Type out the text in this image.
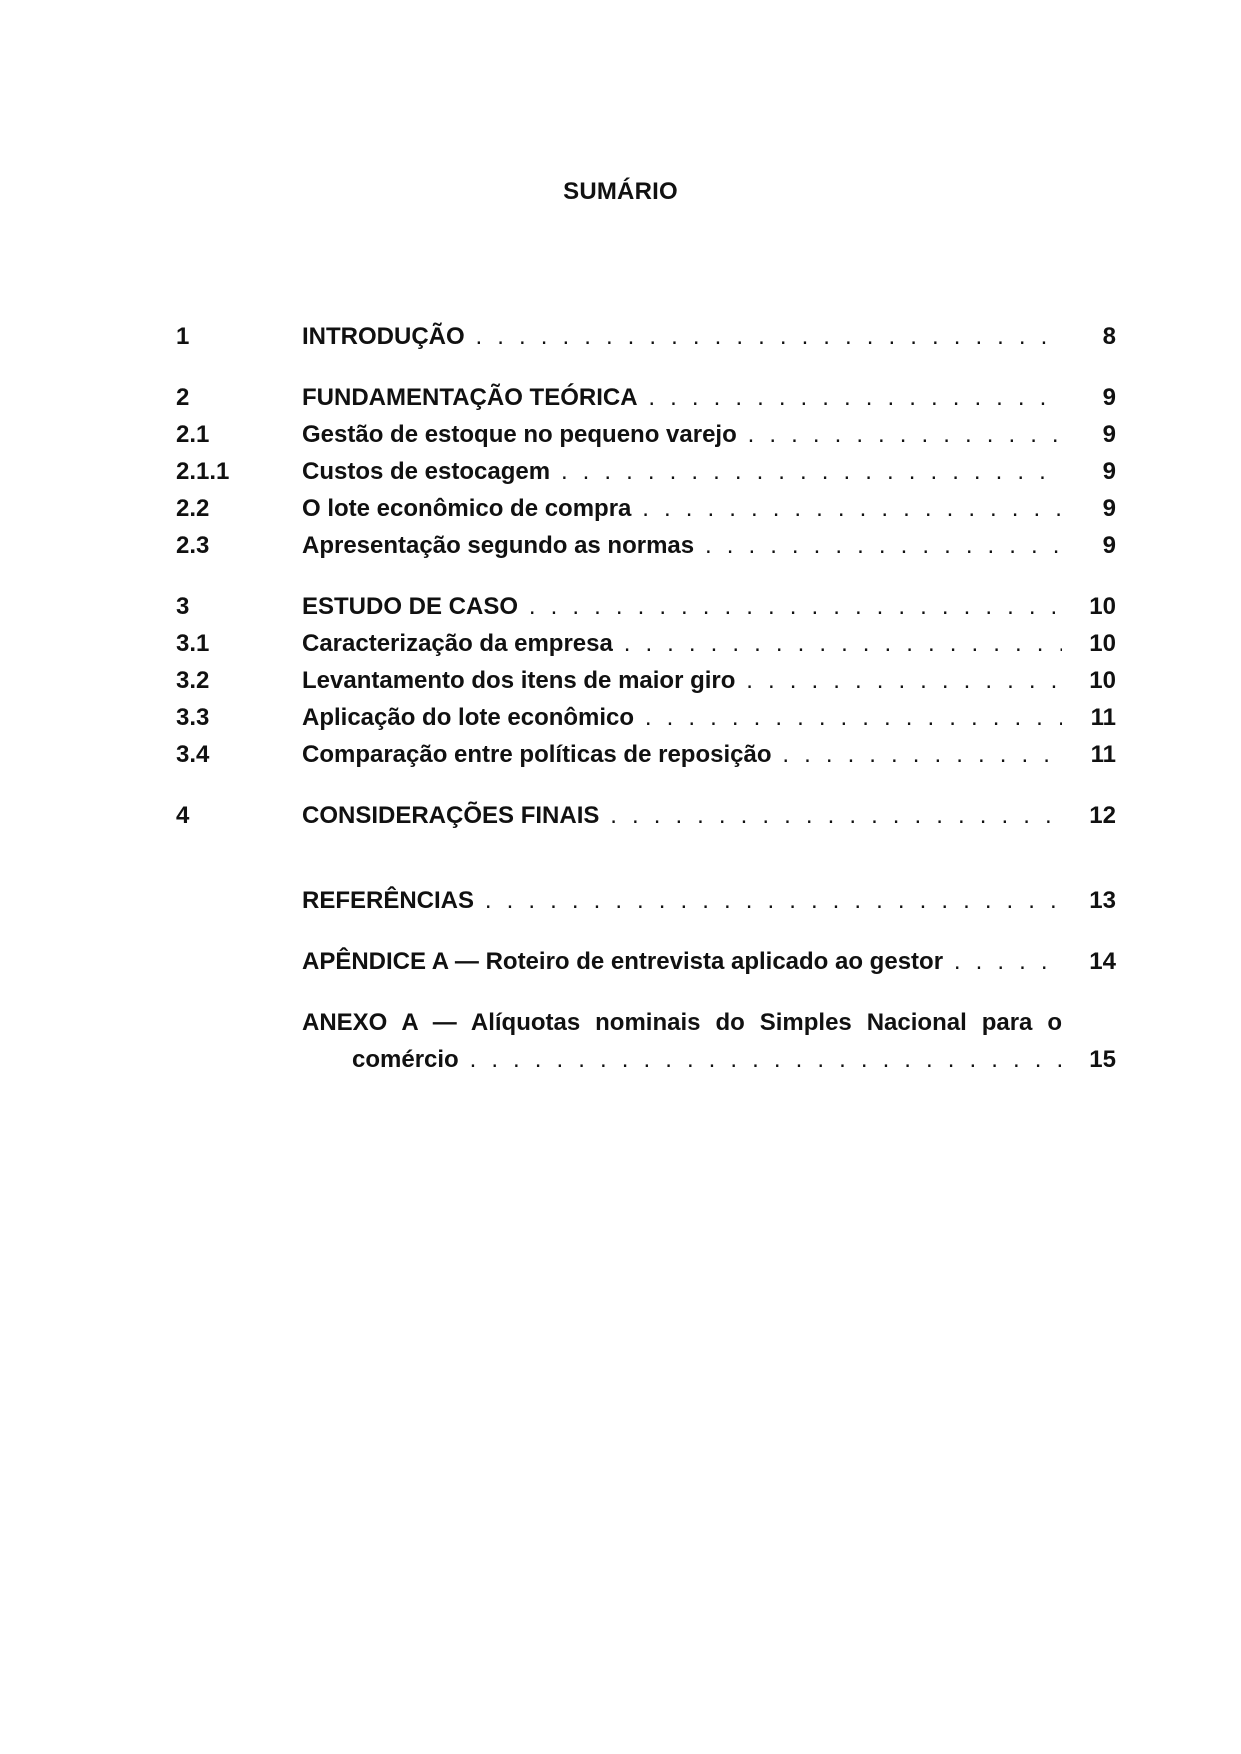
SUMÁRIO
1	INTRODUÇÃO . . .	8
2	FUNDAMENTAÇÃO TEÓRICA . . .	9
2.1	Gestão de estoque no pequeno varejo . . .	9
2.1.1	Custos de estocagem . . .	9
2.2	O lote econômico de compra . . .	9
2.3	Apresentação segundo as normas . . .	9
3	ESTUDO DE CASO . . .	10
3.1	Caracterização da empresa . . .	10
3.2	Levantamento dos itens de maior giro . . .	10
3.3	Aplicação do lote econômico . . .	11
3.4	Comparação entre políticas de reposição . . .	11
4	CONSIDERAÇÕES FINAIS . . .	12
REFERÊNCIAS . . .	13
APÊNDICE A — Roteiro de entrevista aplicado ao gestor . . .	14
ANEXO A — Alíquotas nominais do Simples Nacional para o
comércio . . .	15
